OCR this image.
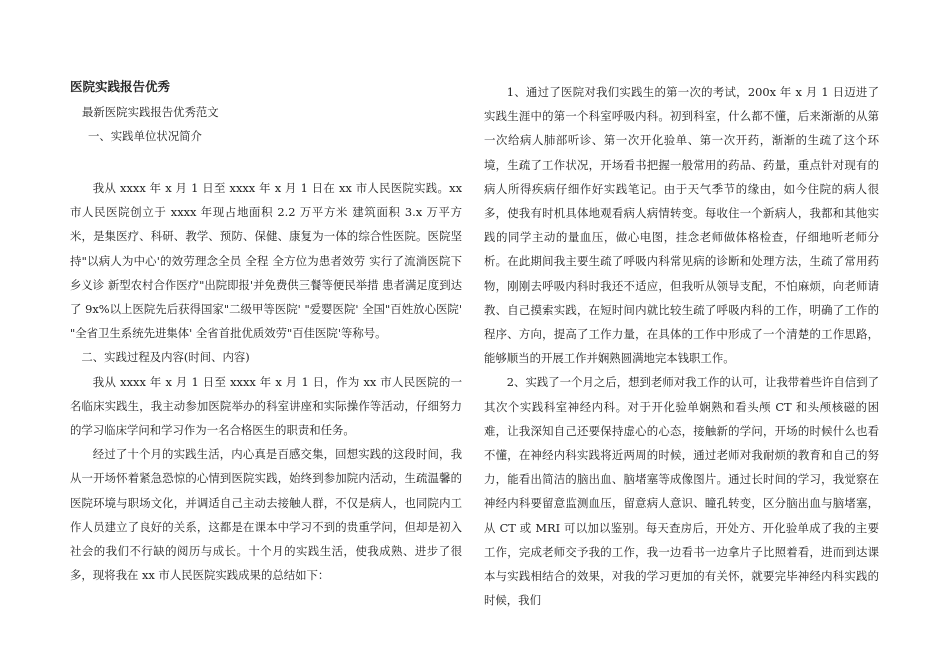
医院实践报告优秀

最新医院实践报告优秀范文

一、实践单位状况简介

我从 xxxx 年 x 月 1 日至 xxxx 年 x 月 1 日在 xx 市人民医院实践。xx 市人民医院创立于 xxxx 年现占地面积 2.2 万平方米 建筑面积 3.x 万平方米，是集医疗、科研、教学、预防、保健、康复为一体的综合性医院。医院坚持"以病人为中心'的效劳理念全员 全程 全方位为患者效劳 实行了流淌医院下乡义诊 新型农村合作医疗"出院即报'并免费供三餐等便民举措 患者满足度到达了 9x%以上医院先后获得国家"二级甲等医院' "爱婴医院' 全国"百姓放心医院' "全省卫生系统先进集体' 全省首批优质效劳"百佳医院'等称号。

二、实践过程及内容(时间、内容)

我从 xxxx 年 x 月 1 日至 xxxx 年 x 月 1 日，作为 xx 市人民医院的一名临床实践生，我主动参加医院举办的科室讲座和实际操作等活动，仔细努力的学习临床学问和学习作为一名合格医生的职责和任务。

经过了十个月的实践生活，内心真是百感交集，回想实践的这段时间，我从一开场怀着紧急恐惊的心情到医院实践，始终到参加院内活动，生疏温馨的医院环境与职场文化，并调适自己主动去接触人群，不仅是病人，也同院内工作人员建立了良好的关系，这都是在课本中学习不到的贵重学问，但却是初入社会的我们不行缺的阅历与成长。十个月的实践生活，使我成熟、进步了很多，现将我在 xx 市人民医院实践成果的总结如下：

1、通过了医院对我们实践生的第一次的考试，200x 年 x 月 1 日迈进了实践生涯中的第一个科室呼吸内科。初到科室，什么都不懂，后来渐渐的从第一次给病人肺部听诊、第一次开化验单、第一次开药，渐渐的生疏了这个环境，生疏了工作状况，开场看书把握一般常用的药品、药量，重点针对现有的病人所得疾病仔细作好实践笔记。由于天气季节的缘由，如今住院的病人很多，使我有时机具体地观看病人病情转变。每收住一个新病人，我都和其他实践的同学主动的量血压，做心电图，挂念老师做体格检查，仔细地听老师分析。在此期间我主要生疏了呼吸内科常见病的诊断和处理方法，生疏了常用药物，刚刚去呼吸内科时我还不适应，但我听从领导支配，不怕麻烦，向老师请教、自己摸索实践，在短时间内就比较生疏了呼吸内科的工作，明确了工作的程序、方向，提高了工作力量，在具体的工作中形成了一个清楚的工作思路，能够顺当的开展工作并娴熟圆满地完本钱职工作。

2、实践了一个月之后，想到老师对我工作的认可，让我带着些许自信到了其次个实践科室神经内科。对于开化验单娴熟和看头颅 CT 和头颅核磁的困难，让我深知自己还要保持虚心的心态，接触新的学问，开场的时候什么也看不懂，在神经内科实践将近两周的时候，通过老师对我耐烦的教育和自己的努力，能看出简洁的脑出血、脑堵塞等成像图片。通过长时间的学习，我觉察在神经内科要留意监测血压，留意病人意识、瞳孔转变，区分脑出血与脑堵塞，从 CT 或 MRI 可以加以鉴别。每天查房后，开处方、开化验单成了我的主要工作，完成老师交予我的工作，我一边看书一边拿片子比照着看，进而到达课本与实践相结合的效果，对我的学习更加的有关怀，就要完毕神经内科实践的时候，我们
